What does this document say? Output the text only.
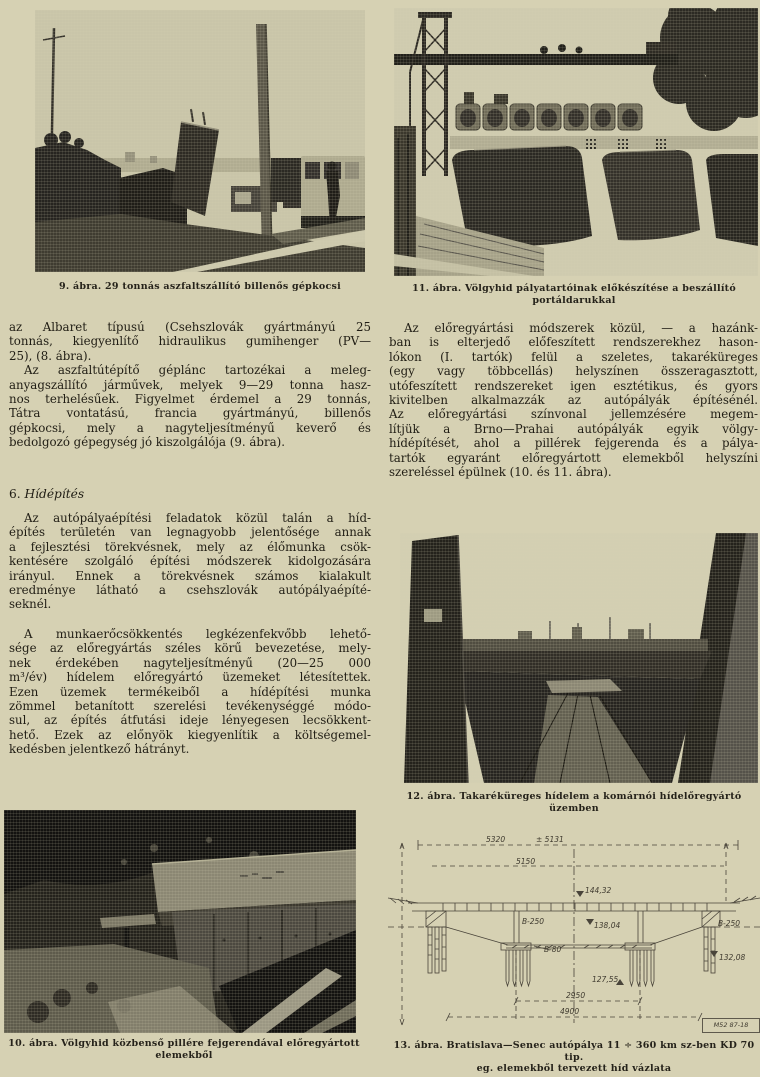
9. ábra. 29 tonnás aszfaltszállító billenős gépkocsi	11. ábra. Völgyhid pályatartóinak előkészítése a beszállító
portáldarukkal
az Albaret típusú (Csehszlovák gyártmányú 25
tonnás, kiegyenlítő hidraulikus gumihenger (PV—
25), (8. ábra).
Az aszfaltútépítő géplánc tartozékai a meleg-
anyagszállító járművek, melyek 9—29 tonna hasz-
nos terhelésűek. Figyelmet érdemel a 29 tonnás,
Tátra vontatású, francia gyártmányú, billenős
gépkocsi, mely a nagyteljesítményű keverő és
bedolgozó gépegység jó kiszolgálója (9. ábra).
6. Hídépítés
Az autópályaépítési feladatok közül talán a híd-
építés területén van legnagyobb jelentősége annak
a fejlesztési törekvésnek, mely az élőmunka csök-
kentésére szolgáló építési módszerek kidolgozására
irányul. Ennek a törekvésnek számos kialakult
eredménye látható a csehszlovák autópályaépíté-
seknél.
A munkaerőcsökkentés legkézenfekvőbb lehető-
sége az előregyártás széles körű bevezetése, mely-
nek érdekében nagyteljesítményű (20—25 000
m³/év) hídelem előregyártó üzemeket létesítettek.
Ezen üzemek termékeiből a hídépítési munka
zömmel betanított szerelési tevékenységgé módo-
sul, az építés átfutási ideje lényegesen lecsökkent-
hető. Ezek az előnyök kiegyenlítik a költségemel-
kedésben jelentkező hátrányt.
Az előregyártási módszerek közül, — a hazánk-
ban is elterjedő előfeszített rendszerekhez hason-
lókon (I. tartók) felül a szeletes, takaréküreges
(egy vagy többcellás) helyszínen összeragasztott,
utófeszített rendszereket igen esztétikus, és gyors
kivitelben alkalmazzák az autópályák építésénél.
Az előregyártási színvonal jellemzésére megem-
lítjük a Brno—Prahai autópályák egyik völgy-
hídépítését, ahol a pillérek fejgerenda és a pálya-
tartók egyaránt előregyártott elemekből helyszíni
szereléssel épülnek (10. és 11. ábra).
12. ábra. Takaréküreges hídelem a komárnói hídelőregyártó üzemben
10. ábra. Völgyhid közbenső pillére fejgerendával előregyártott
elemekből
5320	± 5131
5150
144,32
B-250	138,04
B-80
B-250
132,08
127,55
2950
4900
M52 87-18
13. ábra. Bratislava—Senec autópálya 11 ÷ 360 km sz-ben KD 70 tip.
eg. elemekből tervezett híd vázlata
